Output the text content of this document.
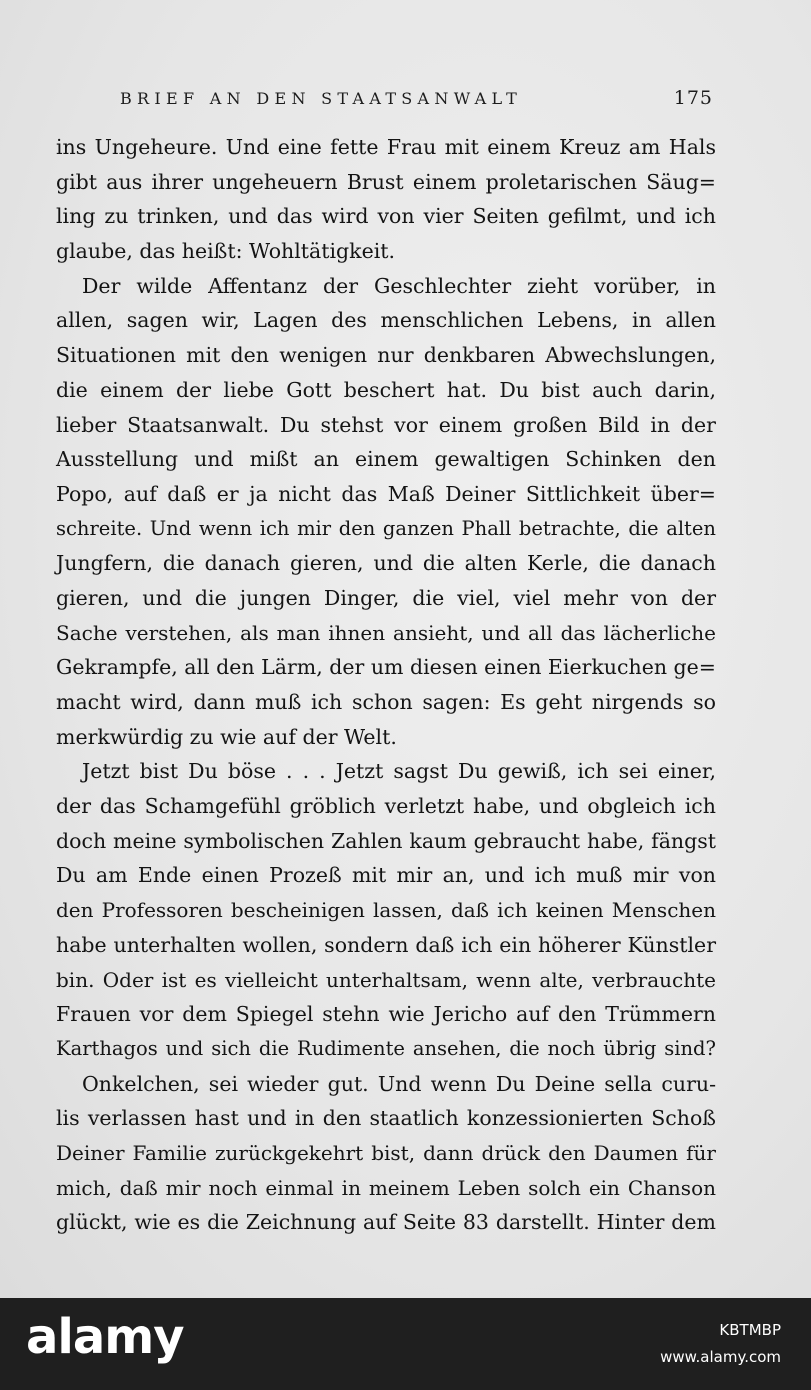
BRIEF AN DEN STAATSANWALT	175
ins Ungeheure. Und eine fette Frau mit einem Kreuz am Hals
gibt aus ihrer ungeheuern Brust einem proletarischen Säug=
ling zu trinken, und das wird von vier Seiten gefilmt, und ich
glaube, das heißt: Wohltätigkeit.
Der wilde Affentanz der Geschlechter zieht vorüber, in
allen, sagen wir, Lagen des menschlichen Lebens, in allen
Situationen mit den wenigen nur denkbaren Abwechslungen,
die einem der liebe Gott beschert hat. Du bist auch darin,
lieber Staatsanwalt. Du stehst vor einem großen Bild in der
Ausstellung und mißt an einem gewaltigen Schinken den
Popo, auf daß er ja nicht das Maß Deiner Sittlichkeit über=
schreite. Und wenn ich mir den ganzen Phall betrachte, die alten
Jungfern, die danach gieren, und die alten Kerle, die danach
gieren, und die jungen Dinger, die viel, viel mehr von der
Sache verstehen, als man ihnen ansieht, und all das lächerliche
Gekrampfe, all den Lärm, der um diesen einen Eierkuchen ge=
macht wird, dann muß ich schon sagen: Es geht nirgends so
merkwürdig zu wie auf der Welt.
Jetzt bist Du böse . . . Jetzt sagst Du gewiß, ich sei einer,
der das Schamgefühl gröblich verletzt habe, und obgleich ich
doch meine symbolischen Zahlen kaum gebraucht habe, fängst
Du am Ende einen Prozeß mit mir an, und ich muß mir von
den Professoren bescheinigen lassen, daß ich keinen Menschen
habe unterhalten wollen, sondern daß ich ein höherer Künstler
bin. Oder ist es vielleicht unterhaltsam, wenn alte, verbrauchte
Frauen vor dem Spiegel stehn wie Jericho auf den Trümmern
Karthagos und sich die Rudimente ansehen, die noch übrig sind?
Onkelchen, sei wieder gut. Und wenn Du Deine sella curu-
lis verlassen hast und in den staatlich konzessionierten Schoß
Deiner Familie zurückgekehrt bist, dann drück den Daumen für
mich, daß mir noch einmal in meinem Leben solch ein Chanson
glückt, wie es die Zeichnung auf Seite 83 darstellt. Hinter dem
alamy	KBTMBP
www.alamy.com
